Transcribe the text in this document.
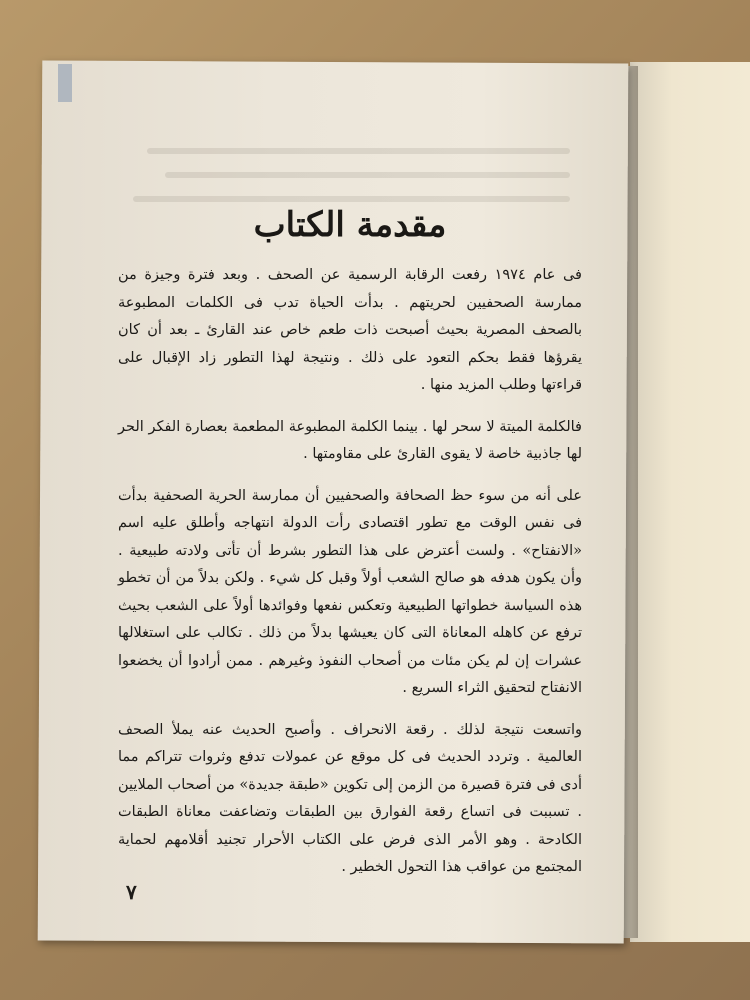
مقدمة الكتاب

فى عام ١٩٧٤ رفعت الرقابة الرسمية عن الصحف . وبعد فترة وجيزة من ممارسة الصحفيين لحريتهم . بدأت الحياة تدب فى الكلمات المطبوعة بالصحف المصرية بحيث أصبحت ذات طعم خاص عند القارئ ـ بعد أن كان يقرؤها فقط بحكم التعود على ذلك . ونتيجة لهذا التطور زاد الإقبال على قراءتها وطلب المزيد منها .

فالكلمة الميتة لا سحر لها . بينما الكلمة المطبوعة المطعمة بعصارة الفكر الحر لها جاذبية خاصة لا يقوى القارئ على مقاومتها .

على أنه من سوء حظ الصحافة والصحفيين أن ممارسة الحرية الصحفية بدأت فى نفس الوقت مع تطور اقتصادى رأت الدولة انتهاجه وأطلق عليه اسم «الانفتاح» . ولست أعترض على هذا التطور بشرط أن تأتى ولادته طبيعية . وأن يكون هدفه هو صالح الشعب أولاً وقبل كل شيء . ولكن بدلاً من أن تخطو هذه السياسة خطواتها الطبيعية وتعكس نفعها وفوائدها أولاً على الشعب بحيث ترفع عن كاهله المعاناة التى كان يعيشها بدلاً من ذلك . تكالب على استغلالها عشرات إن لم يكن مئات من أصحاب النفوذ وغيرهم . ممن أرادوا أن يخضعوا الانفتاح لتحقيق الثراء السريع .

واتسعت نتيجة لذلك . رقعة الانحراف . وأصبح الحديث عنه يملأ الصحف العالمية . وتردد الحديث فى كل موقع عن عمولات تدفع وثروات تتراكم مما أدى فى فترة قصيرة من الزمن إلى تكوين «طبقة جديدة» من أصحاب الملايين . تسببت فى اتساع رقعة الفوارق بين الطبقات وتضاعفت معاناة الطبقات الكادحة . وهو الأمر الذى فرض على الكتاب الأحرار تجنيد أقلامهم لحماية المجتمع من عواقب هذا التحول الخطير .

٧
